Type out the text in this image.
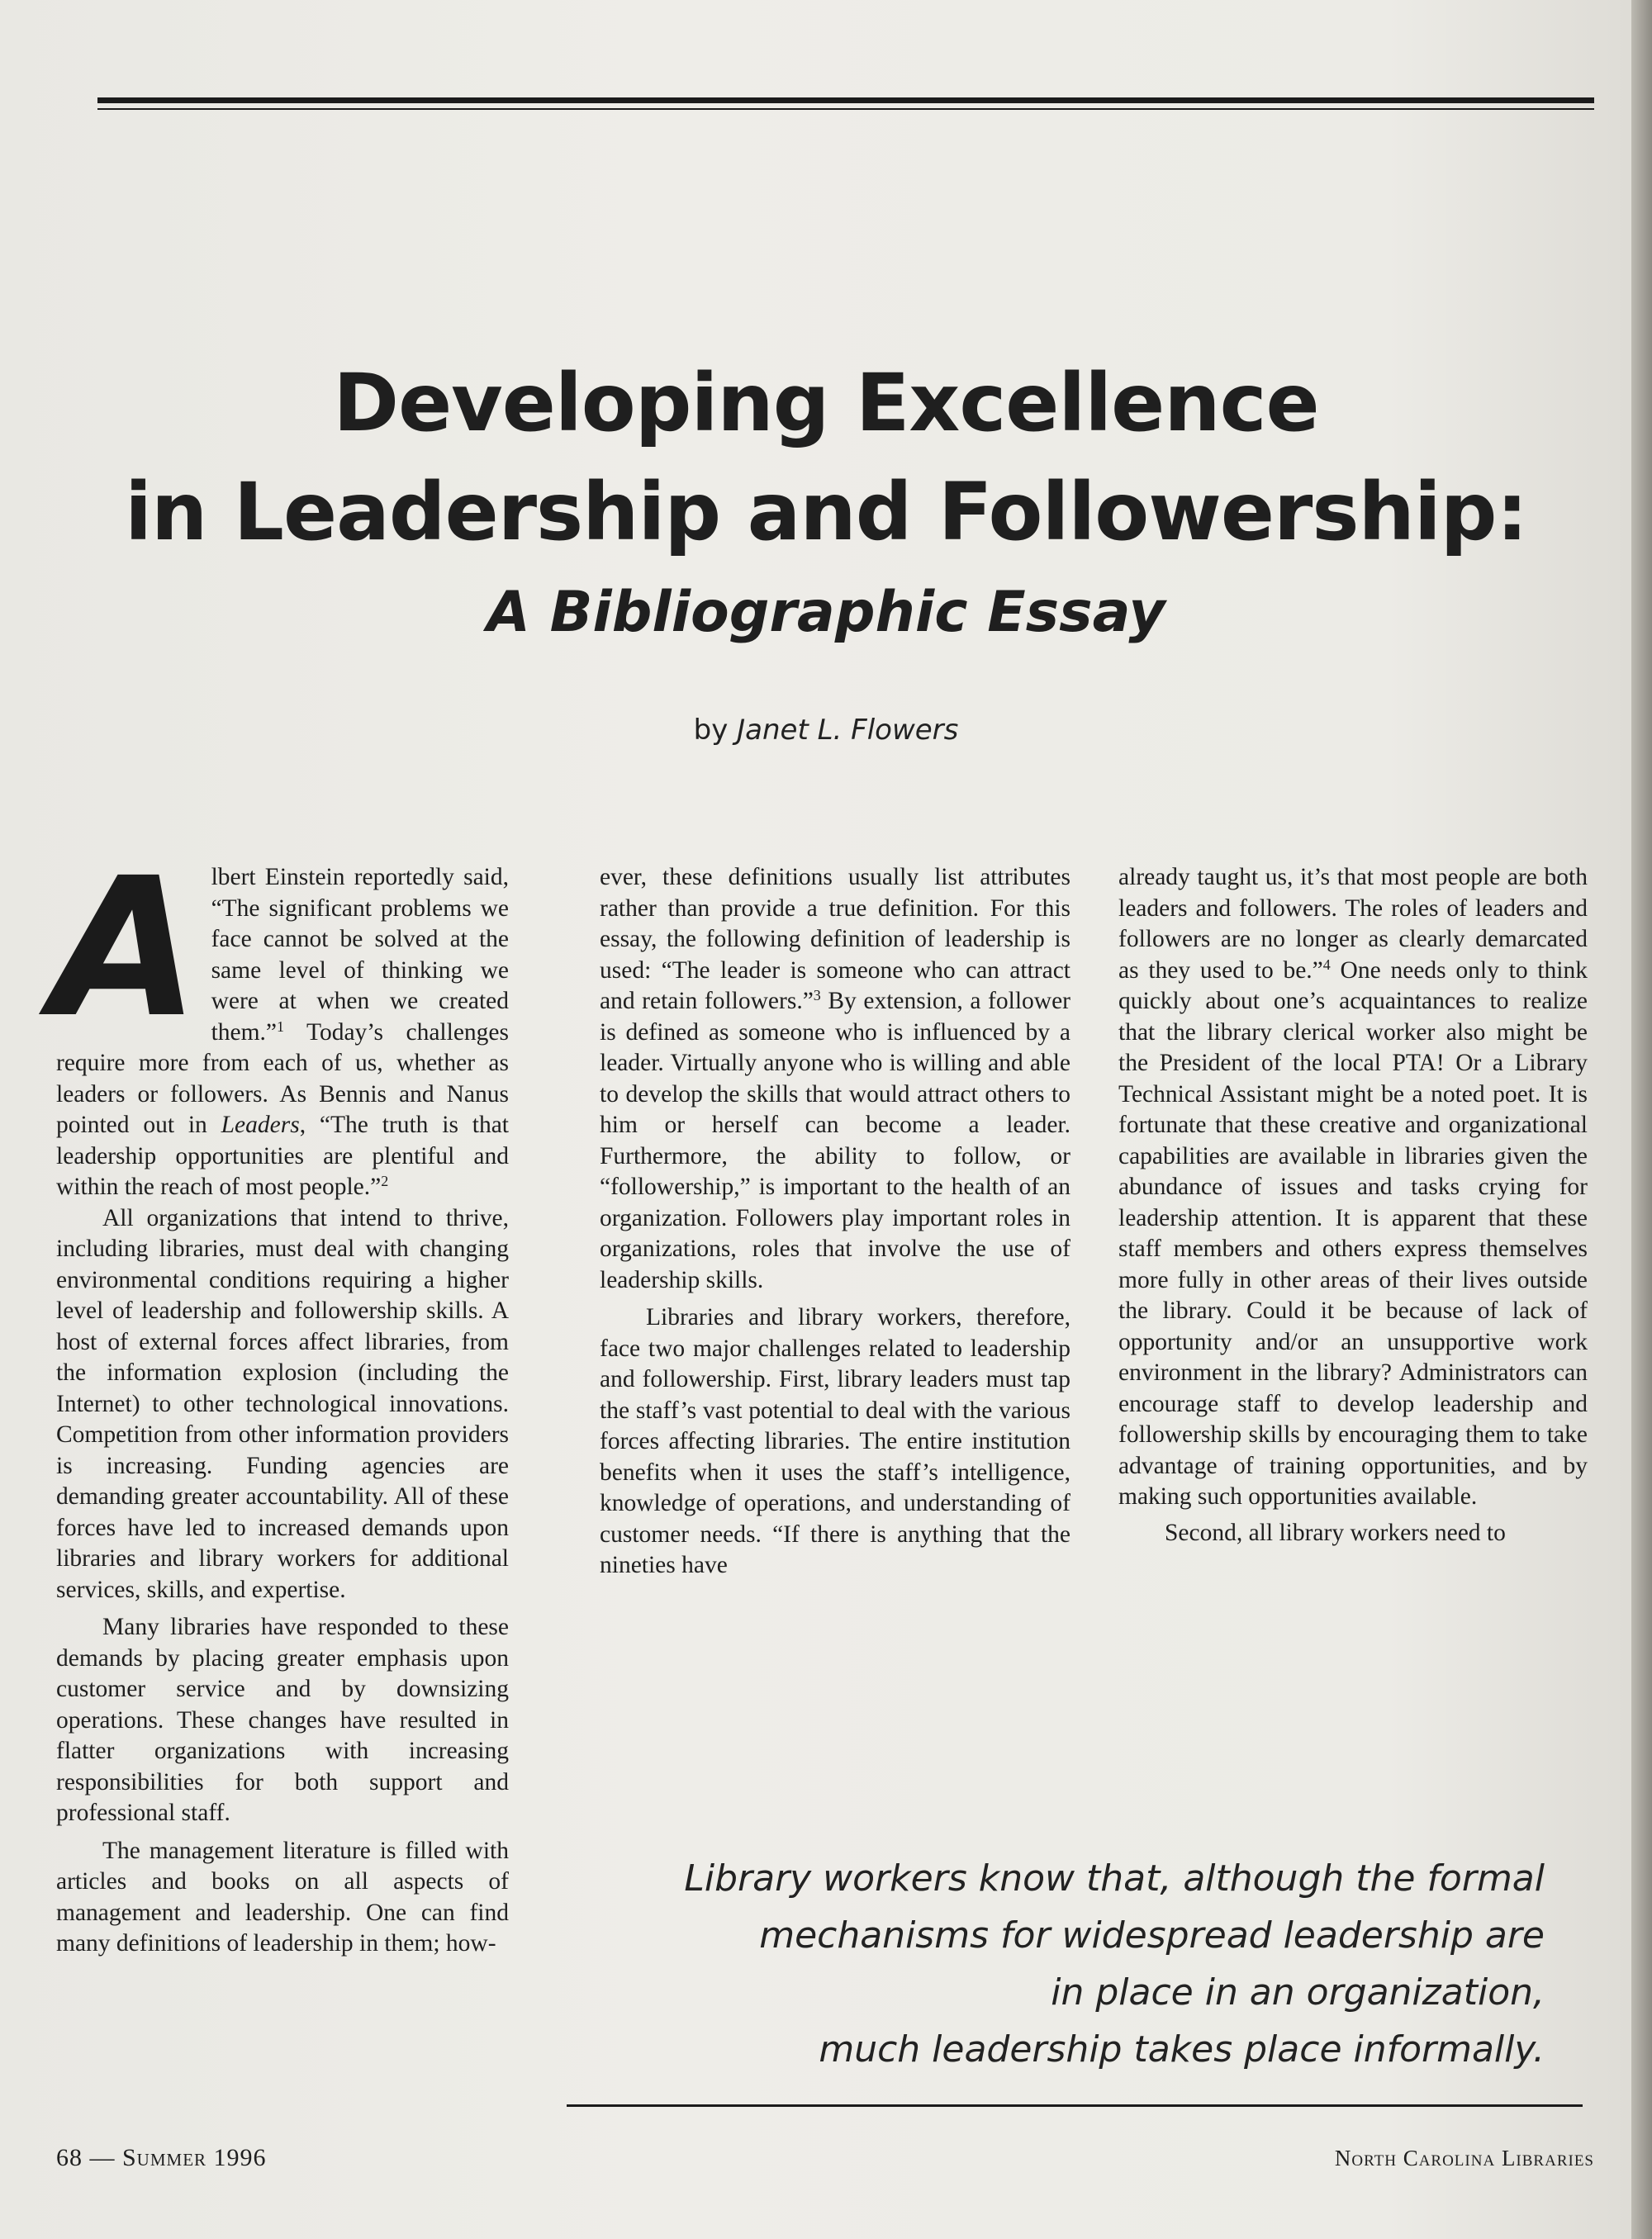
Developing Excellence
in Leadership and Followership:
A Bibliographic Essay
by Janet L. Flowers

Albert Einstein reportedly said, “The significant problems we face cannot be solved at the same level of thinking we were at when we created them.”$^1$ Today’s challenges require more from each of us, whether as leaders or followers. As Bennis and Nanus pointed out in Leaders, “The truth is that leadership opportunities are plentiful and within the reach of most people.”$^2$

All organizations that intend to thrive, including libraries, must deal with changing environmental conditions requiring a higher level of leadership and followership skills. A host of external forces affect libraries, from the information explosion (including the Internet) to other technological innovations. Competition from other information providers is increasing. Funding agencies are demanding greater accountability. All of these forces have led to increased demands upon libraries and library workers for additional services, skills, and expertise.

Many libraries have responded to these demands by placing greater emphasis upon customer service and by downsizing operations. These changes have resulted in flatter organizations with increasing responsibilities for both support and professional staff.

The management literature is filled with articles and books on all aspects of management and leadership. One can find many definitions of leadership in them; how-

ever, these definitions usually list attributes rather than provide a true definition. For this essay, the following definition of leadership is used: “The leader is someone who can attract and retain followers.”$^3$ By extension, a follower is defined as someone who is influenced by a leader. Virtually anyone who is willing and able to develop the skills that would attract others to him or herself can become a leader. Furthermore, the ability to follow, or “followership,” is important to the health of an organization. Followers play important roles in organizations, roles that involve the use of leadership skills.

Libraries and library workers, therefore, face two major challenges related to leadership and followership. First, library leaders must tap the staff’s vast potential to deal with the various forces affecting libraries. The entire institution benefits when it uses the staff’s intelligence, knowledge of operations, and understanding of customer needs. “If there is anything that the nineties have

already taught us, it’s that most people are both leaders and followers. The roles of leaders and followers are no longer as clearly demarcated as they used to be.”$^4$ One needs only to think quickly about one’s acquaintances to realize that the library clerical worker also might be the President of the local PTA! Or a Library Technical Assistant might be a noted poet. It is fortunate that these creative and organizational capabilities are available in libraries given the abundance of issues and tasks crying for leadership attention. It is apparent that these staff members and others express themselves more fully in other areas of their lives outside the library. Could it be because of lack of opportunity and/or an unsupportive work environment in the library? Administrators can encourage staff to develop leadership and followership skills by encouraging them to take advantage of training opportunities, and by making such opportunities available.

Second, all library workers need to

Library workers know that, although the formal
mechanisms for widespread leadership are
in place in an organization,
much leadership takes place informally.
68 — Summer 1996	North Carolina Libraries
